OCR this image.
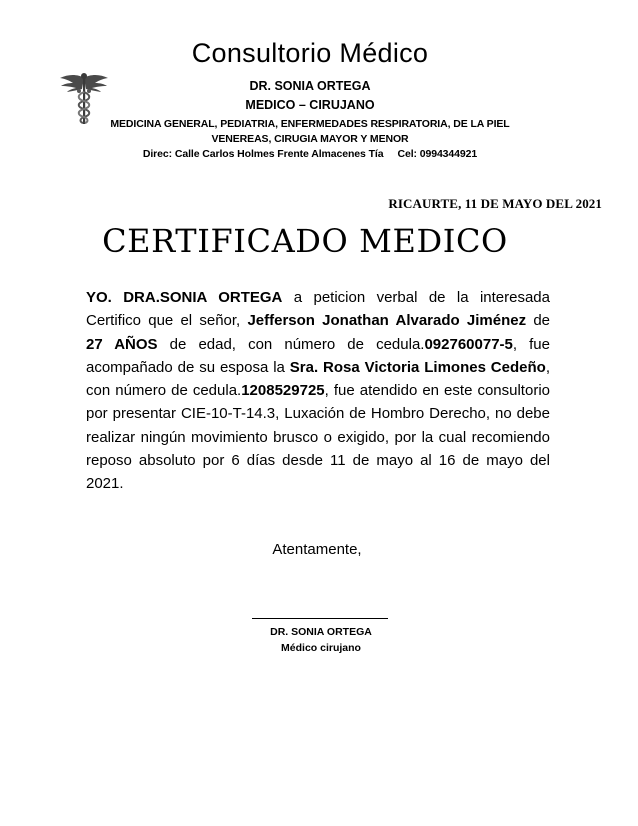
Consultorio Médico
DR. SONIA ORTEGA
MEDICO – CIRUJANO
MEDICINA GENERAL, PEDIATRIA, ENFERMEDADES RESPIRATORIA, DE LA PIEL
VENEREAS, CIRUGIA MAYOR Y MENOR
Direc: Calle Carlos Holmes Frente Almacenes Tía Cel: 0994344921
RICAURTE, 11 DE MAYO DEL 2021
CERTIFICADO MEDICO
YO. DRA.SONIA ORTEGA a peticion verbal de la interesada Certifico que el señor, Jefferson Jonathan Alvarado Jiménez de 27 AÑOS de edad, con número de cedula.092760077-5, fue acompañado de su esposa la Sra. Rosa Victoria Limones Cedeño, con número de cedula.1208529725, fue atendido en este consultorio por presentar CIE-10-T-14.3, Luxación de Hombro Derecho, no debe realizar ningún movimiento brusco o exigido, por la cual recomiendo reposo absoluto por 6 días desde 11 de mayo al 16 de mayo del 2021.
Atentamente,
DR. SONIA ORTEGA
Médico cirujano
